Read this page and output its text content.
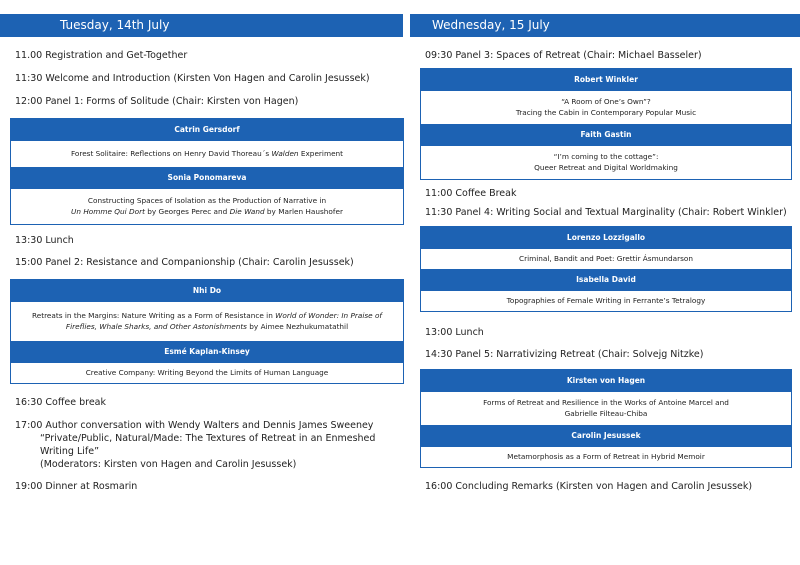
Tuesday, 14th July	Wednesday, 15 July
11.00 Registration and Get-Together
11:30 Welcome and Introduction (Kirsten Von Hagen and Carolin Jesussek)
12:00 Panel 1: Forms of Solitude (Chair: Kirsten von Hagen)
Catrin Gersdorf
Forest Solitaire: Reflections on Henry David Thoreau´s Walden Experiment
Sonia Ponomareva
Constructing Spaces of Isolation as the Production of Narrative in
Un Homme Qui Dort by Georges Perec and Die Wand by Marlen Haushofer
13:30 Lunch
15:00 Panel 2: Resistance and Companionship (Chair: Carolin Jesussek)
Nhi Do
Retreats in the Margins: Nature Writing as a Form of Resistance in World of Wonder: In Praise of Fireflies, Whale Sharks, and Other Astonishments by Aimee Nezhukumatathil
Esmé Kaplan-Kinsey
Creative Company: Writing Beyond the Limits of Human Language
16:30 Coffee break
17:00 Author conversation with Wendy Walters and Dennis James Sweeney
“Private/Public, Natural/Made: The Textures of Retreat in an Enmeshed Writing Life”
(Moderators: Kirsten von Hagen and Carolin Jesussek)
19:00 Dinner at Rosmarin
09:30 Panel 3: Spaces of Retreat (Chair: Michael Basseler)
Robert Winkler
“A Room of One’s Own”?
Tracing the Cabin in Contemporary Popular Music
Faith Gastin
“I’m coming to the cottage”:
Queer Retreat and Digital Worldmaking
11:00 Coffee Break
11:30 Panel 4: Writing Social and Textual Marginality (Chair: Robert Winkler)
Lorenzo Lozzigallo
Criminal, Bandit and Poet: Grettir Ásmundarson
Isabella David
Topographies of Female Writing in Ferrante’s Tetralogy
13:00 Lunch
14:30 Panel 5: Narrativizing Retreat (Chair: Solvejg Nitzke)
Kirsten von Hagen
Forms of Retreat and Resilience in the Works of Antoine Marcel and
Gabrielle Filteau-Chiba
Carolin Jesussek
Metamorphosis as a Form of Retreat in Hybrid Memoir
16:00 Concluding Remarks (Kirsten von Hagen and Carolin Jesussek)
